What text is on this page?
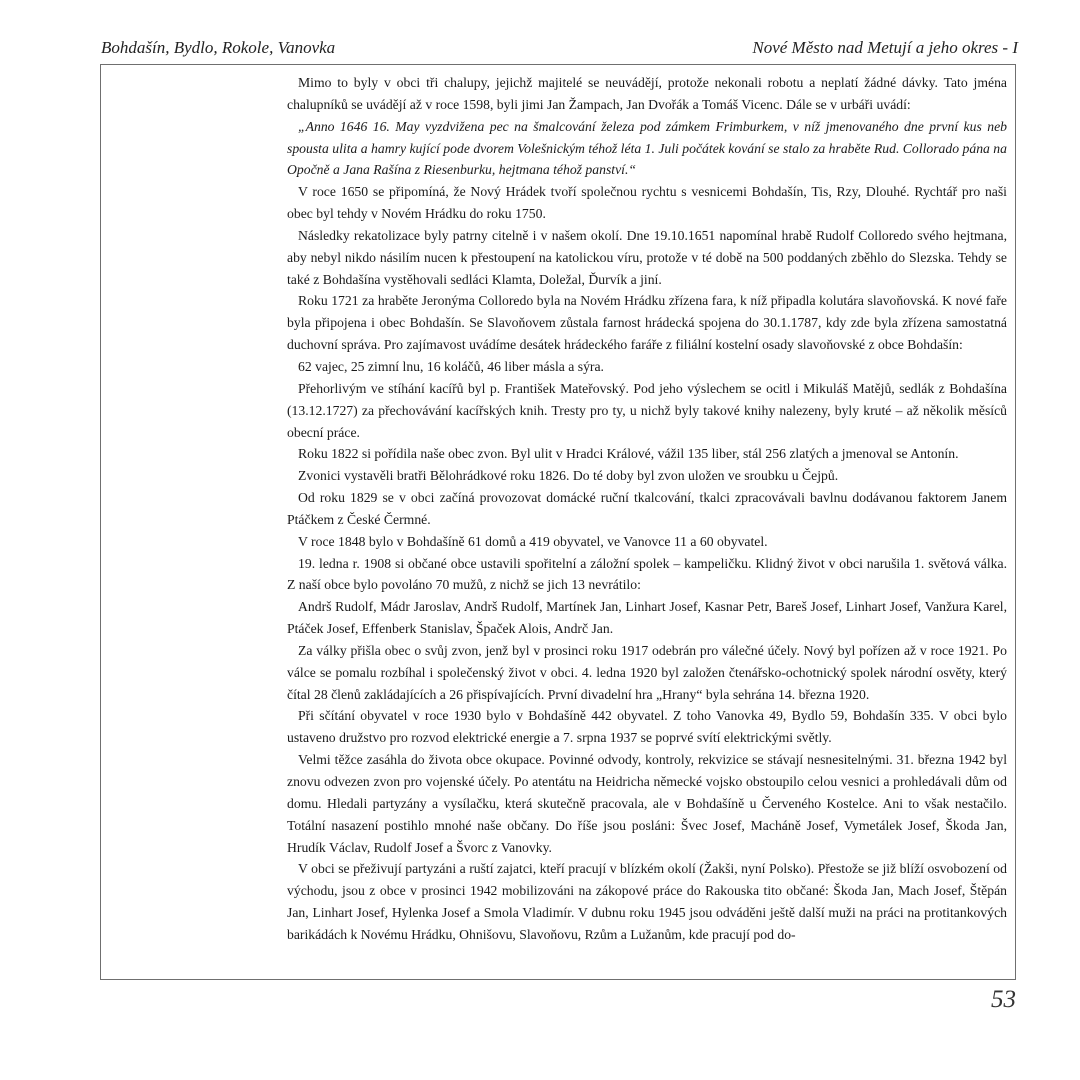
Bohdašín, Bydlo, Rokole, Vanovka	Nové Město nad Metují a jeho okres - I

Mimo to byly v obci tři chalupy, jejichž majitelé se neuvádějí, protože nekonali robotu a neplatí žádné dávky. Tato jména chalupníků se uvádějí až v roce 1598, byli jimi Jan Žampach, Jan Dvořák a Tomáš Vicenc. Dále se v urbáři uvádí:

„Anno 1646 16. May vyzdvižena pec na šmalcování železa pod zámkem Frimburkem, v níž jmenovaného dne první kus neb spousta ulita a hamry kující pode dvorem Volešnickým téhož léta 1. Juli počátek kování se stalo za hraběte Rud. Collorado pána na Opočně a Jana Rašína z Riesenburku, hejtmana téhož panství.“

V roce 1650 se připomíná, že Nový Hrádek tvoří společnou rychtu s vesnicemi Bohdašín, Tis, Rzy, Dlouhé. Rychtář pro naši obec byl tehdy v Novém Hrádku do roku 1750.

Následky rekatolizace byly patrny citelně i v našem okolí. Dne 19.10.1651 napomínal hrabě Rudolf Colloredo svého hejtmana, aby nebyl nikdo násilím nucen k přestoupení na katolickou víru, protože v té době na 500 poddaných zběhlo do Slezska. Tehdy se také z Bohdašína vystěhovali sedláci Klamta, Doležal, Ďurvík a jiní.

Roku 1721 za hraběte Jeronýma Colloredo byla na Novém Hrádku zřízena fara, k níž připadla kolutára slavoňovská. K nové faře byla připojena i obec Bohdašín. Se Slavoňovem zůstala farnost hrádecká spojena do 30.1.1787, kdy zde byla zřízena samostatná duchovní správa. Pro zajímavost uvádíme desátek hrádeckého faráře z filiální kostelní osady slavoňovské z obce Bohdašín:

62 vajec, 25 zimní lnu, 16 koláčů, 46 liber másla a sýra.

Přehorlivým ve stíhání kacířů byl p. František Mateřovský. Pod jeho výslechem se ocitl i Mikuláš Matějů, sedlák z Bohdašína (13.12.1727) za přechovávání kacířských knih. Tresty pro ty, u nichž byly takové knihy nalezeny, byly kruté – až několik měsíců obecní práce.

Roku 1822 si pořídila naše obec zvon. Byl ulit v Hradci Králové, vážil 135 liber, stál 256 zlatých a jmenoval se Antonín.

Zvonici vystavěli bratři Bělohrádkové roku 1826. Do té doby byl zvon uložen ve sroubku u Čejpů.

Od roku 1829 se v obci začíná provozovat domácké ruční tkalcování, tkalci zpracovávali bavlnu dodávanou faktorem Janem Ptáčkem z České Čermné.

V roce 1848 bylo v Bohdašíně 61 domů a 419 obyvatel, ve Vanovce 11 a 60 obyvatel.

19. ledna r. 1908 si občané obce ustavili spořitelní a záložní spolek – kampeličku. Klidný život v obci narušila 1. světová válka. Z naší obce bylo povoláno 70 mužů, z nichž se jich 13 nevrátilo:

Andrš Rudolf, Mádr Jaroslav, Andrš Rudolf, Martínek Jan, Linhart Josef, Kasnar Petr, Bareš Josef, Linhart Josef, Vanžura Karel, Ptáček Josef, Effenberk Stanislav, Špaček Alois, Andrč Jan.

Za války přišla obec o svůj zvon, jenž byl v prosinci roku 1917 odebrán pro válečné účely. Nový byl pořízen až v roce 1921. Po válce se pomalu rozbíhal i společenský život v obci. 4. ledna 1920 byl založen čtenářsko-ochotnický spolek národní osvěty, který čítal 28 členů zakládajících a 26 přispívajících. První divadelní hra „Hrany“ byla sehrána 14. března 1920.

Při sčítání obyvatel v roce 1930 bylo v Bohdašíně 442 obyvatel. Z toho Vanovka 49, Bydlo 59, Bohdašín 335. V obci bylo ustaveno družstvo pro rozvod elektrické energie a 7. srpna 1937 se poprvé svítí elektrickými světly.

Velmi těžce zasáhla do života obce okupace. Povinné odvody, kontroly, rekvizice se stávají nesnesitelnými. 31. března 1942 byl znovu odvezen zvon pro vojenské účely. Po atentátu na Heidricha německé vojsko obstoupilo celou vesnici a prohledávali dům od domu. Hledali partyzány a vysílačku, která skutečně pracovala, ale v Bohdašíně u Červeného Kostelce. Ani to však nestačilo. Totální nasazení postihlo mnohé naše občany. Do říše jsou posláni: Švec Josef, Macháně Josef, Vymetálek Josef, Škoda Jan, Hrudík Václav, Rudolf Josef a Švorc z Vanovky.

V obci se přeživují partyzáni a ruští zajatci, kteří pracují v blízkém okolí (Žakši, nyní Polsko). Přestože se již blíží osvobození od východu, jsou z obce v prosinci 1942 mobilizováni na zákopové práce do Rakouska tito občané: Škoda Jan, Mach Josef, Štěpán Jan, Linhart Josef, Hylenka Josef a Smola Vladimír. V dubnu roku 1945 jsou odváděni ještě další muži na práci na protitankových barikádách k Novému Hrádku, Ohnišovu, Slavoňovu, Rzům a Lužanům, kde pracují pod do-

53
